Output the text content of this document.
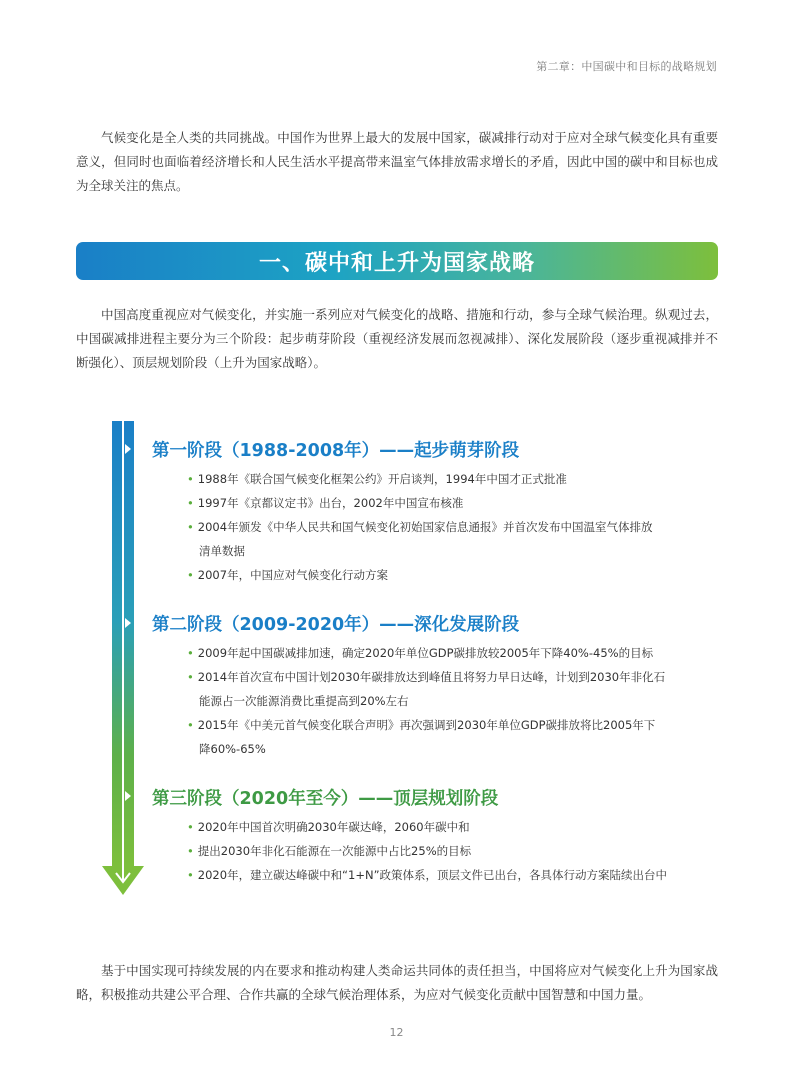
第二章：中国碳中和目标的战略规划

气候变化是全人类的共同挑战。中国作为世界上最大的发展中国家，碳减排行动对于应对全球气候变化具有重要意义，但同时也面临着经济增长和人民生活水平提高带来温室气体排放需求增长的矛盾，因此中国的碳中和目标也成为全球关注的焦点。

一、碳中和上升为国家战略

中国高度重视应对气候变化，并实施一系列应对气候变化的战略、措施和行动，参与全球气候治理。纵观过去，中国碳减排进程主要分为三个阶段：起步萌芽阶段（重视经济发展而忽视减排）、深化发展阶段（逐步重视减排并不断强化）、顶层规划阶段（上升为国家战略）。

第一阶段（1988-2008年）——起步萌芽阶段
• 1988年《联合国气候变化框架公约》开启谈判，1994年中国才正式批准
• 1997年《京都议定书》出台，2002年中国宣布核准
• 2004年颁发《中华人民共和国气候变化初始国家信息通报》并首次发布中国温室气体排放
清单数据
• 2007年，中国应对气候变化行动方案
第二阶段（2009-2020年）——深化发展阶段
• 2009年起中国碳减排加速，确定2020年单位GDP碳排放较2005年下降40%-45%的目标
• 2014年首次宣布中国计划2030年碳排放达到峰值且将努力早日达峰，计划到2030年非化石
能源占一次能源消费比重提高到20%左右
• 2015年《中美元首气候变化联合声明》再次强调到2030年单位GDP碳排放将比2005年下
降60%-65%
第三阶段（2020年至今）——顶层规划阶段
• 2020年中国首次明确2030年碳达峰，2060年碳中和
• 提出2030年非化石能源在一次能源中占比25%的目标
• 2020年，建立碳达峰碳中和“1+N”政策体系，顶层文件已出台，各具体行动方案陆续出台中

基于中国实现可持续发展的内在要求和推动构建人类命运共同体的责任担当，中国将应对气候变化上升为国家战略，积极推动共建公平合理、合作共赢的全球气候治理体系，为应对气候变化贡献中国智慧和中国力量。

12
